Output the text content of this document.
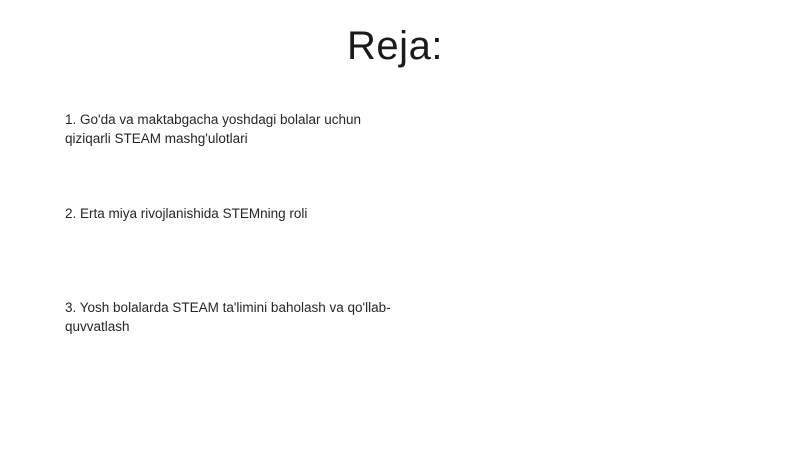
Reja:
1. Go'da va maktabgacha yoshdagi bolalar uchun qiziqarli STEAM mashg'ulotlari
2. Erta miya rivojlanishida STEMning roli
3. Yosh bolalarda STEAM ta'limini baholash va qo'llab-quvvatlash
